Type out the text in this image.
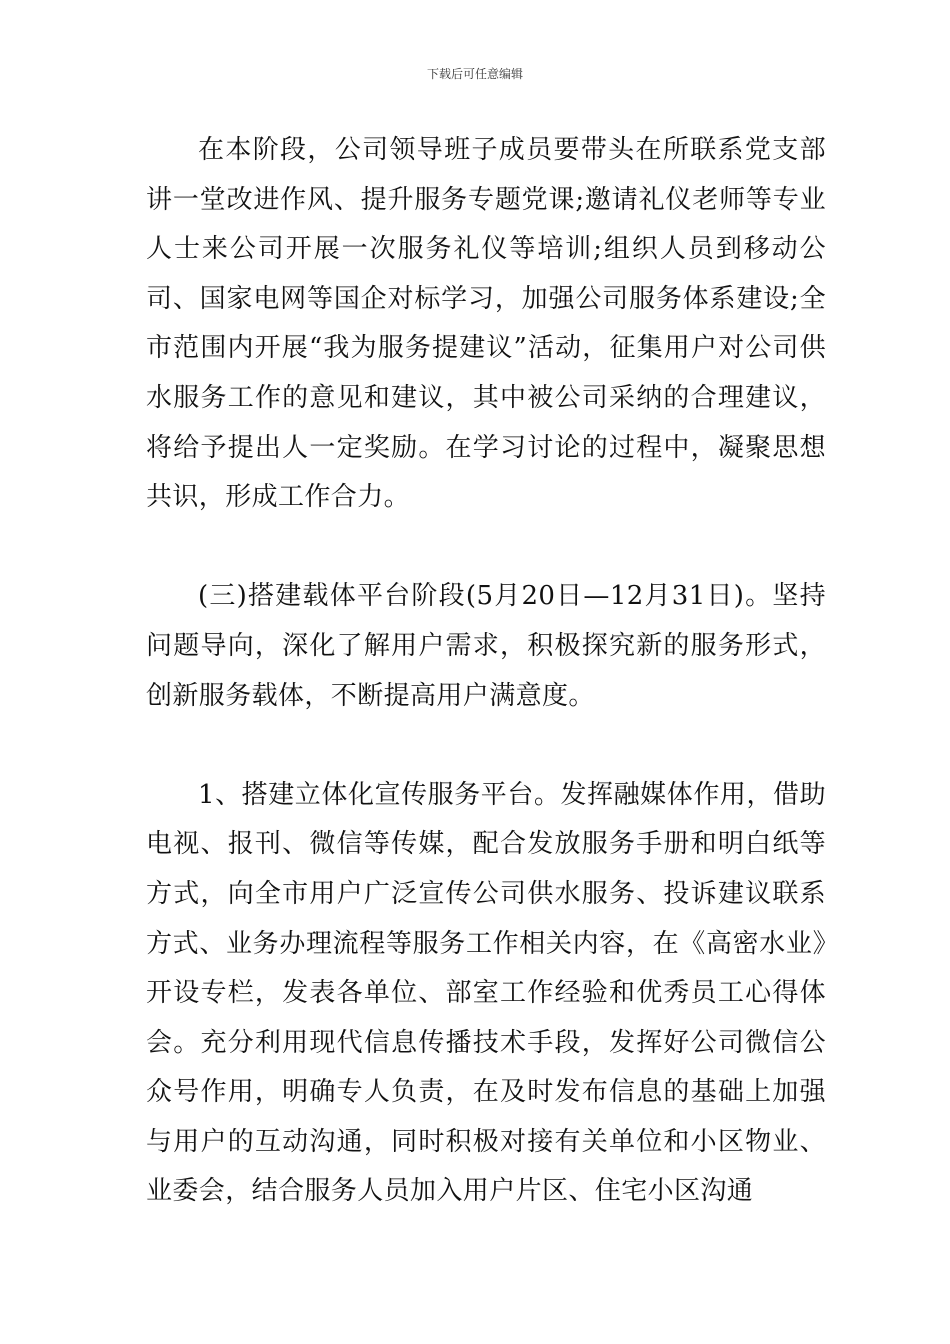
下载后可任意编辑

在本阶段，公司领导班子成员要带头在所联系党支部讲一堂改进作风、提升服务专题党课;邀请礼仪老师等专业人士来公司开展一次服务礼仪等培训;组织人员到移动公司、国家电网等国企对标学习，加强公司服务体系建设;全市范围内开展“我为服务提建议”活动，征集用户对公司供水服务工作的意见和建议，其中被公司采纳的合理建议，将给予提出人一定奖励。在学习讨论的过程中，凝聚思想共识，形成工作合力。

(三)搭建载体平台阶段(5月20日—12月31日)。坚持问题导向，深化了解用户需求，积极探究新的服务形式，创新服务载体，不断提高用户满意度。

1、搭建立体化宣传服务平台。发挥融媒体作用，借助电视、报刊、微信等传媒，配合发放服务手册和明白纸等方式，向全市用户广泛宣传公司供水服务、投诉建议联系方式、业务办理流程等服务工作相关内容，在《高密水业》开设专栏，发表各单位、部室工作经验和优秀员工心得体会。充分利用现代信息传播技术手段，发挥好公司微信公众号作用，明确专人负责，在及时发布信息的基础上加强与用户的互动沟通，同时积极对接有关单位和小区物业、业委会，结合服务人员加入用户片区、住宅小区沟通
